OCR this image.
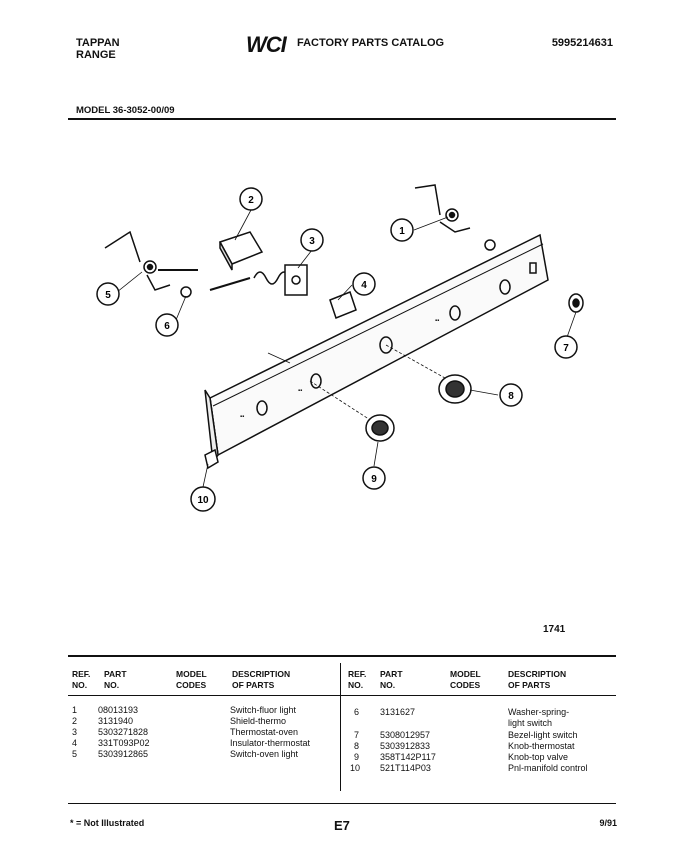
TAPPAN
RANGE	WCI FACTORY PARTS CATALOG	5995214631
MODEL 36-3052-00/09
▪▪
▪▪
▪▪
1
2
3
4
5
6
7
8
9
10
1741
REF. PART	MODEL	DESCRIPTION	REF. PART	MODEL	DESCRIPTION
NO. NO.	CODES	OF PARTS	NO. NO.	CODES	OF PARTS
1 08013193	Switch-fluor light
2 3131940	Shield-thermo
3 5303271828	Thermostat-oven
4 331T093P02	Insulator-thermostat
5 5303912865	Switch-oven light
6 3131627	Washer-spring-
light switch
7 5308012957	Bezel-light switch
8 5303912833	Knob-thermostat
9 358T142P117	Knob-top valve
10 521T114P03	Pnl-manifold control
* = Not Illustrated	E7	9/91
